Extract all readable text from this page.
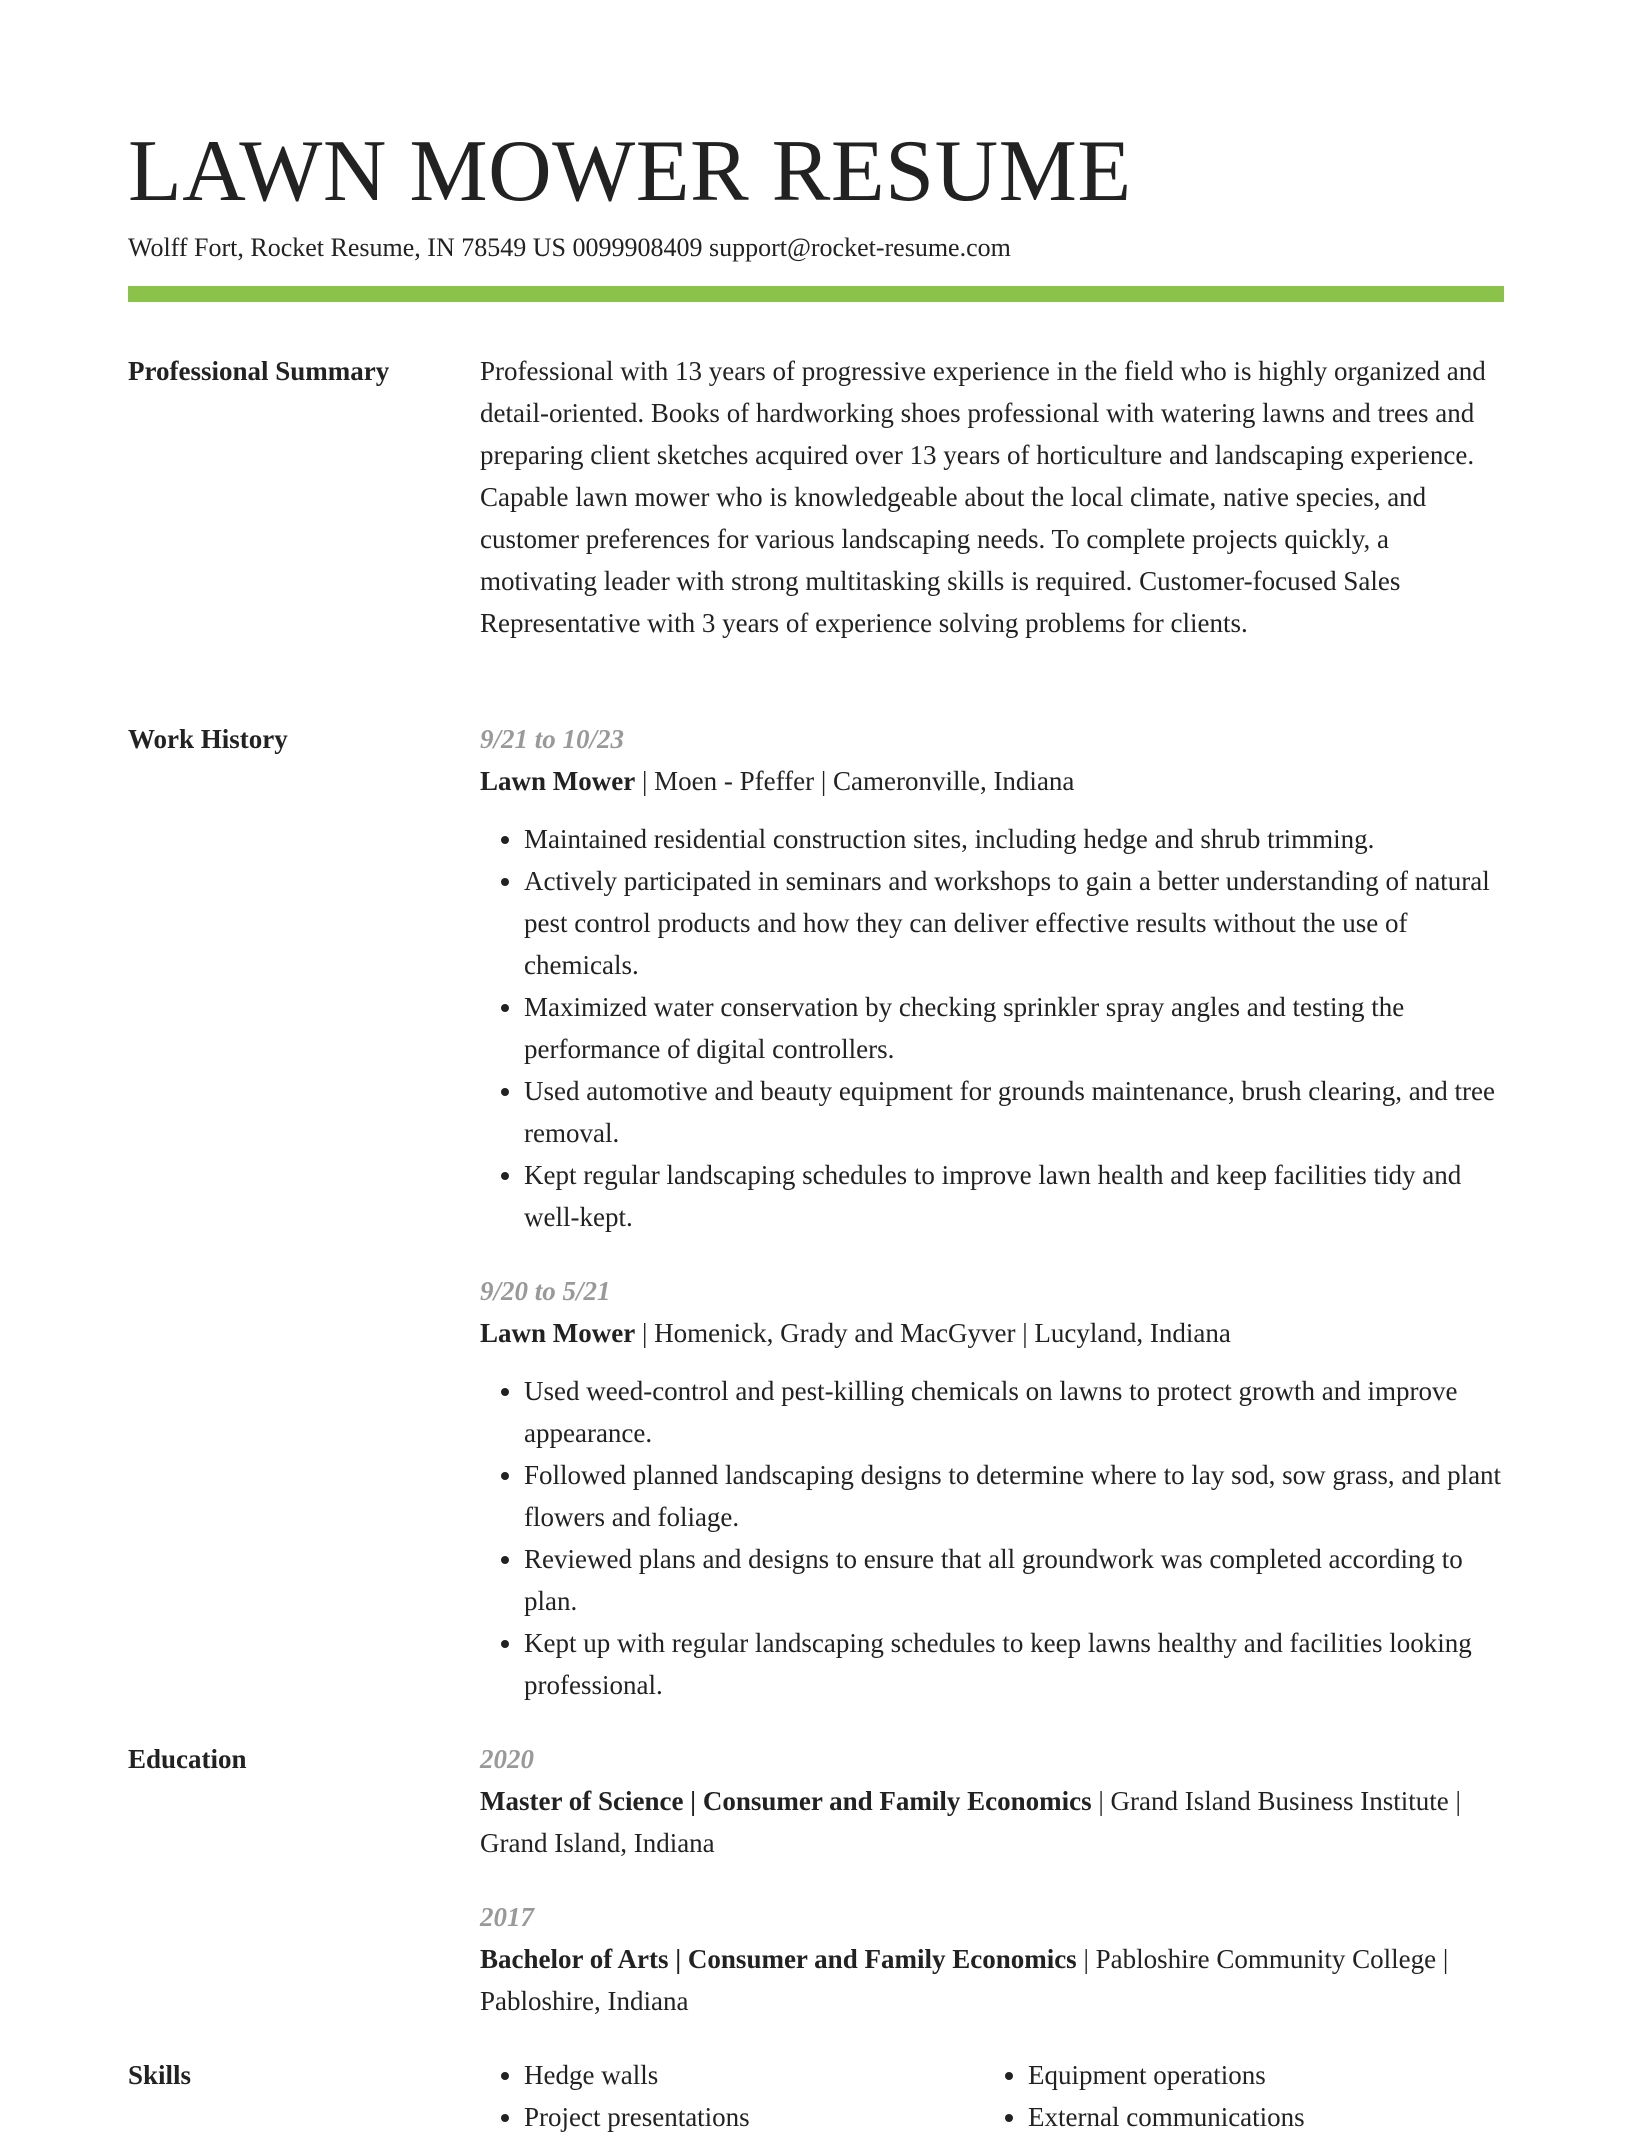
LAWN MOWER RESUME
Wolff Fort, Rocket Resume, IN 78549 US 0099908409 support@rocket-resume.com
Professional Summary	Professional with 13 years of progressive experience in the field who is highly organized and detail-oriented. Books of hardworking shoes professional with watering lawns and trees and preparing client sketches acquired over 13 years of horticulture and landscaping experience. Capable lawn mower who is knowledgeable about the local climate, native species, and customer preferences for various landscaping needs. To complete projects quickly, a motivating leader with strong multitasking skills is required. Customer-focused Sales Representative with 3 years of experience solving problems for clients.

Work History	9/21 to 10/23
Lawn Mower | Moen - Pfeffer | Cameronville, Indiana
• Maintained residential construction sites, including hedge and shrub trimming.
• Actively participated in seminars and workshops to gain a better understanding of natural pest control products and how they can deliver effective results without the use of chemicals.
• Maximized water conservation by checking sprinkler spray angles and testing the performance of digital controllers.
• Used automotive and beauty equipment for grounds maintenance, brush clearing, and tree removal.
• Kept regular landscaping schedules to improve lawn health and keep facilities tidy and well-kept.
9/20 to 5/21
Lawn Mower | Homenick, Grady and MacGyver | Lucyland, Indiana
• Used weed-control and pest-killing chemicals on lawns to protect growth and improve appearance.
• Followed planned landscaping designs to determine where to lay sod, sow grass, and plant flowers and foliage.
• Reviewed plans and designs to ensure that all groundwork was completed according to plan.
• Kept up with regular landscaping schedules to keep lawns healthy and facilities looking professional.
Education	2020
Master of Science | Consumer and Family Economics | Grand Island Business Institute | Grand Island, Indiana
2017
Bachelor of Arts | Consumer and Family Economics | Pabloshire Community College | Pabloshire, Indiana
Skills
•	Hedge walls
• Project presentations
• Equipment operations
• External communications
